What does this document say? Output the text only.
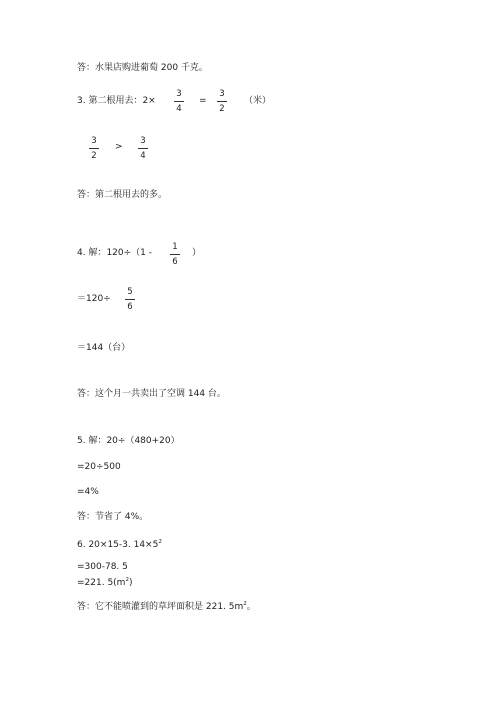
答：水果店购进葡萄 200 千克。
3. 第二根用去：2×
3
4
=
3
2
（米）
3
2
>
3
4
答：第二根用去的多。
4. 解：120÷（1 -
1
6
）
＝120÷
5
6
＝144（台）
答：这个月一共卖出了空调 144 台。
5. 解：20÷（480+20）
=20÷500
=4%
答：节省了 4%。
6. 20×15-3. $14\times 5^2$
=300-78. 5
=221. $5(m^2)$
答：它不能喷灌到的草坪面积是 221. $5m^2$。
